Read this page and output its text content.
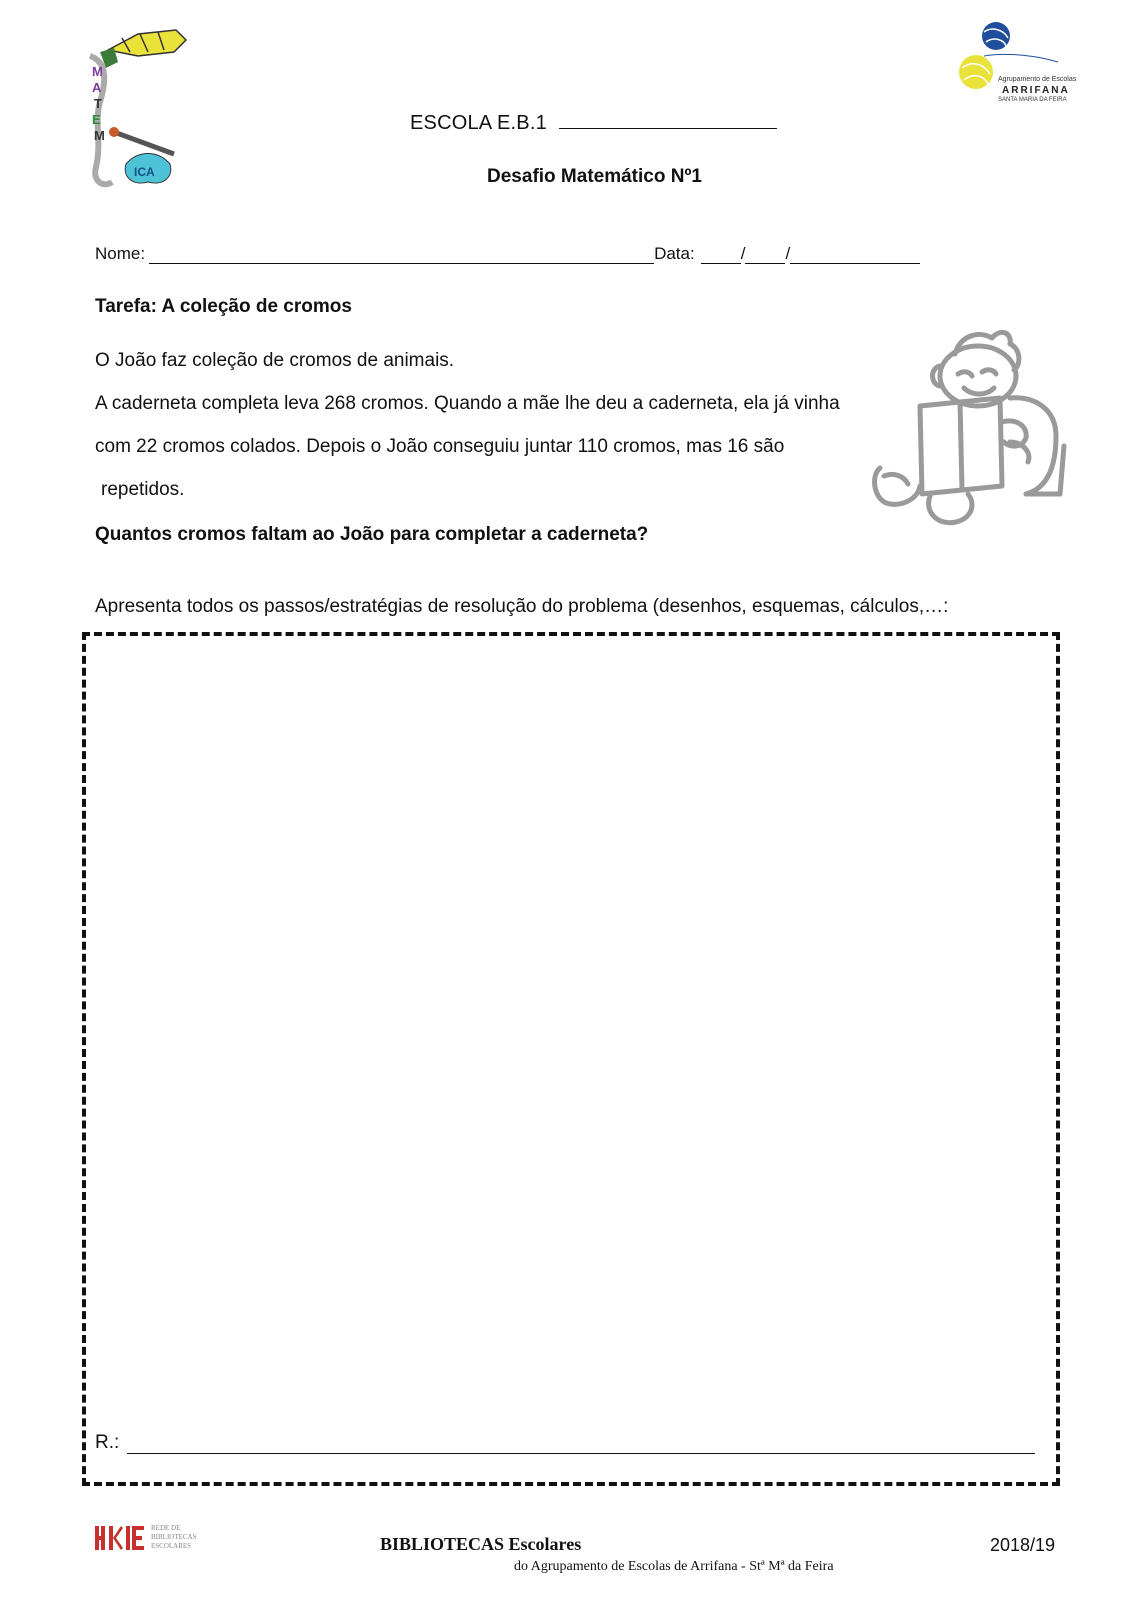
M
A
T
E
M
ICA
Agrupamento de Escolas
ARRIFANA
SANTA MARIA DA FEIRA
ESCOLA E.B.1
Desafio Matemático Nº1
Nome:	Data:	/ /
Tarefa: A coleção de cromos
O João faz coleção de cromos de animais.
A caderneta completa leva 268 cromos. Quando a mãe lhe deu a caderneta, ela já vinha
com 22 cromos colados. Depois o João conseguiu juntar 110 cromos, mas 16 são
repetidos.
Quantos cromos faltam ao João para completar a caderneta?
Apresenta todos os passos/estratégias de resolução do problema (desenhos, esquemas, cálculos,…:
R.:
REDE DE
BIBLIOTECAS
ESCOLARES	BIBLIOTECAS Escolares
do Agrupamento de Escolas de Arrifana - Stª Mª da Feira
2018/19
